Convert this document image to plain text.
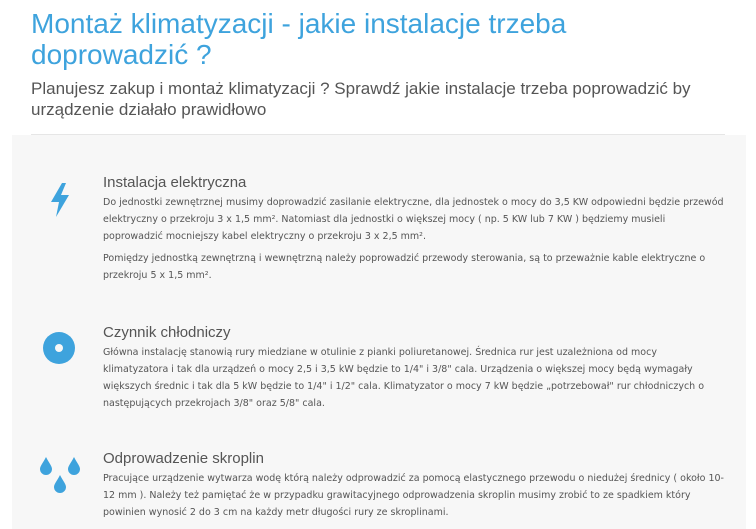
Montaż klimatyzacji - jakie instalacje trzeba doprowadzić ?

Planujesz zakup i montaż klimatyzacji ? Sprawdź jakie instalacje trzeba poprowadzić by urządzenie działało prawidłowo

Instalacja elektryczna

Do jednostki zewnętrznej musimy doprowadzić zasilanie elektryczne, dla jednostek o mocy do 3,5 KW odpowiedni będzie przewód elektryczny o przekroju 3 x 1,5 mm². Natomiast dla jednostki o większej mocy ( np. 5 KW lub 7 KW ) będziemy musieli poprowadzić mocniejszy kabel elektryczny o przekroju 3 x 2,5 mm².

Pomiędzy jednostką zewnętrzną i wewnętrzną należy poprowadzić przewody sterowania, są to przeważnie kable elektryczne o przekroju 5 x 1,5 mm².

Czynnik chłodniczy

Główna instalację stanowią rury miedziane w otulinie z pianki poliuretanowej. Średnica rur jest uzależniona od mocy klimatyzatora i tak dla urządzeń o mocy 2,5 i 3,5 kW będzie to 1/4" i 3/8" cala. Urządzenia o większej mocy będą wymagały większych średnic i tak dla 5 kW będzie to 1/4" i 1/2" cala. Klimatyzator o mocy 7 kW będzie „potrzebował" rur chłodniczych o następujących przekrojach 3/8" oraz 5/8" cala.

Odprowadzenie skroplin

Pracujące urządzenie wytwarza wodę którą należy odprowadzić za pomocą elastycznego przewodu o niedużej średnicy ( około 10-12 mm ). Należy też pamiętać że w przypadku grawitacyjnego odprowadzenia skroplin musimy zrobić to ze spadkiem który powinien wynosić 2 do 3 cm na każdy metr długości rury ze skroplinami.
